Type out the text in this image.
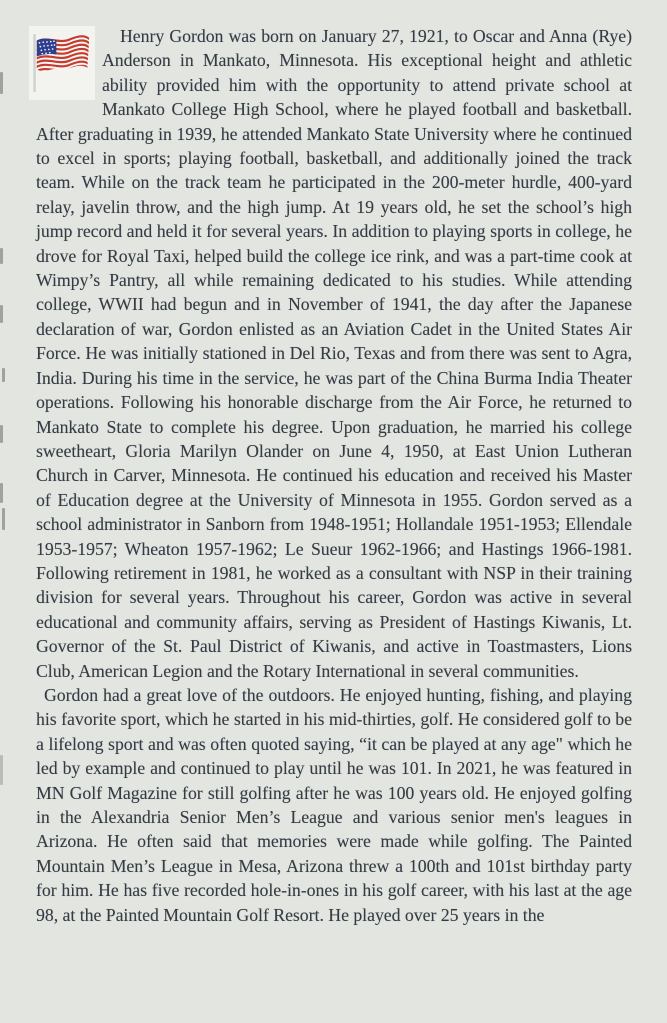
Henry Gordon was born on January 27, 1921, to Oscar and Anna (Rye) Anderson in Mankato, Minnesota. His exceptional height and athletic ability provided him with the opportunity to attend private school at Mankato College High School, where he played football and basketball. After graduating in 1939, he attended Mankato State University where he continued to excel in sports; playing football, basketball, and additionally joined the track team. While on the track team he participated in the 200-meter hurdle, 400-yard relay, javelin throw, and the high jump. At 19 years old, he set the school’s high jump record and held it for several years. In addition to playing sports in college, he drove for Royal Taxi, helped build the college ice rink, and was a part-time cook at Wimpy’s Pantry, all while remaining dedicated to his studies. While attending college, WWII had begun and in November of 1941, the day after the Japanese declaration of war, Gordon enlisted as an Aviation Cadet in the United States Air Force. He was initially stationed in Del Rio, Texas and from there was sent to Agra, India. During his time in the service, he was part of the China Burma India Theater operations. Following his honorable discharge from the Air Force, he returned to Mankato State to complete his degree. Upon graduation, he married his college sweetheart, Gloria Marilyn Olander on June 4, 1950, at East Union Lutheran Church in Carver, Minnesota. He continued his education and received his Master of Education degree at the University of Minnesota in 1955. Gordon served as a school administrator in Sanborn from 1948-1951; Hollandale 1951-1953; Ellendale 1953-1957; Wheaton 1957-1962; Le Sueur 1962-1966; and Hastings 1966-1981. Following retirement in 1981, he worked as a consultant with NSP in their training division for several years. Throughout his career, Gordon was active in several educational and community affairs, serving as President of Hastings Kiwanis, Lt. Governor of the St. Paul District of Kiwanis, and active in Toastmasters, Lions Club, American Legion and the Rotary International in several communities.

Gordon had a great love of the outdoors. He enjoyed hunting, fishing, and playing his favorite sport, which he started in his mid-thirties, golf. He considered golf to be a lifelong sport and was often quoted saying, “it can be played at any age" which he led by example and continued to play until he was 101. In 2021, he was featured in MN Golf Magazine for still golfing after he was 100 years old. He enjoyed golfing in the Alexandria Senior Men’s League and various senior men's leagues in Arizona. He often said that memories were made while golfing. The Painted Mountain Men’s League in Mesa, Arizona threw a 100th and 101st birthday party for him. He has five recorded hole-in-ones in his golf career, with his last at the age 98, at the Painted Mountain Golf Resort. He played over 25 years in the
